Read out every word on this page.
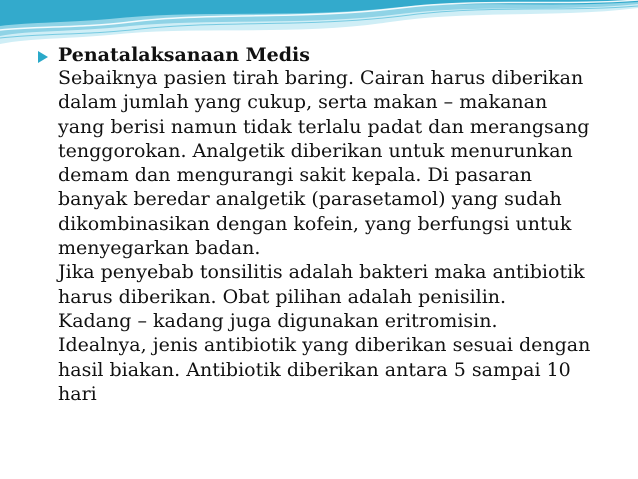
Penatalaksanaan Medis

Sebaiknya pasien tirah baring. Cairan harus diberikan

dalam jumlah yang cukup, serta makan – makanan

yang berisi namun tidak terlalu padat dan merangsang

tenggorokan. Analgetik diberikan untuk menurunkan

demam dan mengurangi sakit kepala. Di pasaran

banyak beredar analgetik (parasetamol) yang sudah

dikombinasikan dengan kofein, yang berfungsi untuk

menyegarkan badan.

Jika penyebab tonsilitis adalah bakteri maka antibiotik

harus diberikan. Obat pilihan adalah penisilin.

Kadang – kadang juga digunakan eritromisin.

Idealnya, jenis antibiotik yang diberikan sesuai dengan

hasil biakan. Antibiotik diberikan antara 5 sampai 10

hari
